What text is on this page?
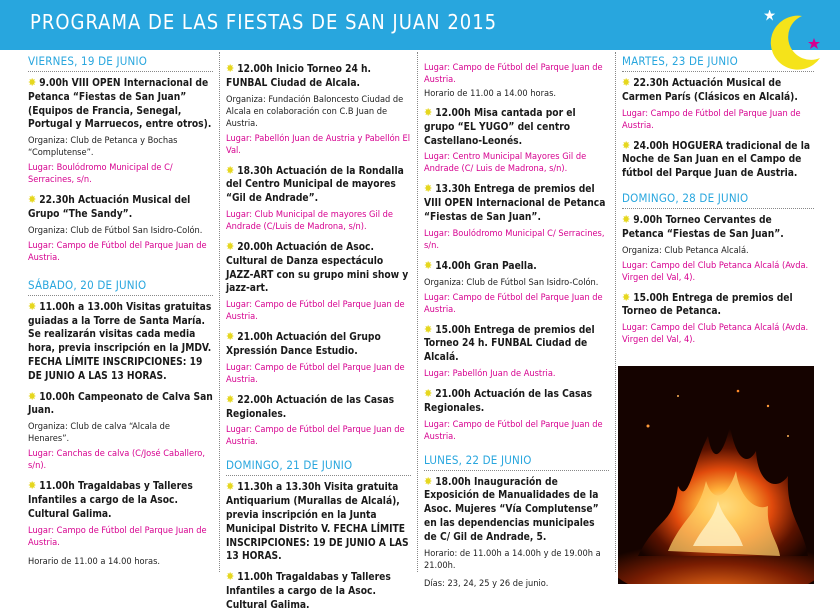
PROGRAMA DE LAS FIESTAS DE SAN JUAN 2015
VIERNES, 19 DE JUNIO
✸ 9.00h VIII OPEN Internacional de Petanca “Fiestas de San Juan” (Equipos de Francia, Senegal, Portugal y Marruecos, entre otros).
Organiza: Club de Petanca y Bochas “Complutense”.
Lugar: Boulódromo Municipal de C/ Serracines, s/n.
✸ 22.30h Actuación Musical del Grupo “The Sandy”.
Organiza: Club de Fútbol San Isidro-Colón.
Lugar: Campo de Fútbol del Parque Juan de Austria.
SÁBADO, 20 DE JUNIO
✸ 11.00h a 13.00h Visitas gratuitas guiadas a la Torre de Santa María. Se realizarán visitas cada media hora, previa inscripción en la JMDV. FECHA LÍMITE INSCRIPCIONES: 19 DE JUNIO A LAS 13 HORAS.
✸ 10.00h Campeonato de Calva San Juan.
Organiza: Club de calva “Alcala de Henares”.
Lugar: Canchas de calva (C/José Caballero, s/n).
✸ 11.00h Tragaldabas y Talleres Infantiles a cargo de la Asoc. Cultural Galima.
Lugar: Campo de Fútbol del Parque Juan de Austria.
Horario de 11.00 a 14.00 horas.
✸ 12.00h Inicio Torneo 24 h. FUNBAL Ciudad de Alcala.
Organiza: Fundación Baloncesto Ciudad de Alcala en colaboración con C.B Juan de Austria.
Lugar: Pabellón Juan de Austria y Pabellón El Val.
✸ 18.30h Actuación de la Rondalla del Centro Municipal de mayores “Gil de Andrade”.
Lugar: Club Municipal de mayores Gil de Andrade (C/Luis de Madrona, s/n).
✸ 20.00h Actuación de Asoc. Cultural de Danza espectáculo JAZZ-ART con su grupo mini show y jazz-art.
Lugar: Campo de Fútbol del Parque Juan de Austria.
✸ 21.00h Actuación del Grupo Xpressión Dance Estudio.
Lugar: Campo de Fútbol del Parque Juan de Austria.
✸ 22.00h Actuación de las Casas Regionales.
Lugar: Campo de Fútbol del Parque Juan de Austria.
DOMINGO, 21 DE JUNIO
✸ 11.30h a 13.30h Visita gratuita Antiquarium (Murallas de Alcalá), previa inscripción en la Junta Municipal Distrito V. FECHA LÍMITE INSCRIPCIONES: 19 DE JUNIO A LAS 13 HORAS.
✸ 11.00h Tragaldabas y Talleres Infantiles a cargo de la Asoc. Cultural Galima.
Lugar: Campo de Fútbol del Parque Juan de Austria.
Horario de 11.00 a 14.00 horas.
✸ 12.00h Misa cantada por el grupo “EL YUGO” del centro Castellano-Leonés.
Lugar: Centro Municipal Mayores Gil de Andrade (C/ Luis de Madrona, s/n).
✸ 13.30h Entrega de premios del VIII OPEN Internacional de Petanca “Fiestas de San Juan”.
Lugar: Boulódromo Municipal C/ Serracines, s/n.
✸ 14.00h Gran Paella.
Organiza: Club de Fútbol San Isidro-Colón.
Lugar: Campo de Fútbol del Parque Juan de Austria.
✸ 15.00h Entrega de premios del Torneo 24 h. FUNBAL Ciudad de Alcalá.
Lugar: Pabellón Juan de Austria.
✸ 21.00h Actuación de las Casas Regionales.
Lugar: Campo de Fútbol del Parque Juan de Austria.
LUNES, 22 DE JUNIO
✸ 18.00h Inauguración de Exposición de Manualidades de la Asoc. Mujeres “Vía Complutense” en las dependencias municipales de C/ Gil de Andrade, 5.
Horario: de 11.00h a 14.00h y de 19.00h a 21.00h.
Días: 23, 24, 25 y 26 de junio.
MARTES, 23 DE JUNIO
✸ 22.30h Actuación Musical de Carmen París (Clásicos en Alcalá).
Lugar: Campo de Fútbol del Parque Juan de Austria.
✸ 24.00h HOGUERA tradicional de la Noche de San Juan en el Campo de fútbol del Parque Juan de Austria.
DOMINGO, 28 DE JUNIO
✸ 9.00h Torneo Cervantes de Petanca “Fiestas de San Juan”.
Organiza: Club Petanca Alcalá.
Lugar: Campo del Club Petanca Alcalá (Avda. Virgen del Val, 4).
✸ 15.00h Entrega de premios del Torneo de Petanca.
Lugar: Campo del Club Petanca Alcalá (Avda. Virgen del Val, 4).
